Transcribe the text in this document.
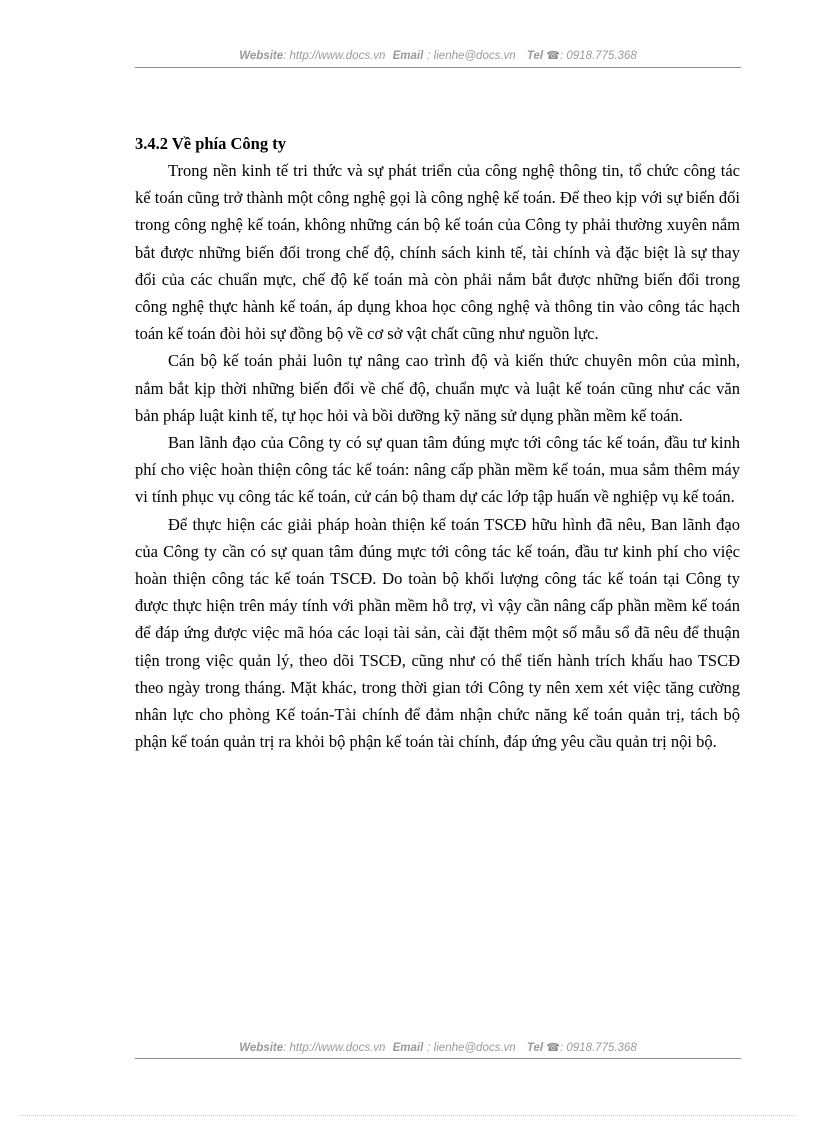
Website: http://www.docs.vn Email : lienhe@docs.vn Tel ☎: 0918.775.368

3.4.2 Về phía Công ty

Trong nền kinh tế tri thức và sự phát triển của công nghệ thông tin, tổ chức công tác kế toán cũng trở thành một công nghệ gọi là công nghệ kế toán. Để theo kịp với sự biến đổi trong công nghệ kế toán, không những cán bộ kế toán của Công ty phải thường xuyên nắm bắt được những biến đổi trong chế độ, chính sách kinh tế, tài chính và đặc biệt là sự thay đổi của các chuẩn mực, chế độ kế toán mà còn phải nắm bắt được những biến đổi trong công nghệ thực hành kế toán, áp dụng khoa học công nghệ và thông tin vào công tác hạch toán kế toán đòi hỏi sự đồng bộ về cơ sở vật chất cũng như nguồn lực.

Cán bộ kế toán phải luôn tự nâng cao trình độ và kiến thức chuyên môn của mình, nắm bắt kịp thời những biến đổi về chế độ, chuẩn mực và luật kế toán cũng như các văn bản pháp luật kinh tế, tự học hỏi và bồi dưỡng kỹ năng sử dụng phần mềm kế toán.

Ban lãnh đạo của Công ty có sự quan tâm đúng mực tới công tác kế toán, đầu tư kinh phí cho việc hoàn thiện công tác kế toán: nâng cấp phần mềm kế toán, mua sắm thêm máy vi tính phục vụ công tác kế toán, cử cán bộ tham dự các lớp tập huấn về nghiệp vụ kế toán.

Để thực hiện các giải pháp hoàn thiện kế toán TSCĐ hữu hình đã nêu, Ban lãnh đạo của Công ty cần có sự quan tâm đúng mực tới công tác kế toán, đầu tư kinh phí cho việc hoàn thiện công tác kế toán TSCĐ. Do toàn bộ khối lượng công tác kế toán tại Công ty được thực hiện trên máy tính với phần mềm hỗ trợ, vì vậy cần nâng cấp phần mềm kế toán để đáp ứng được việc mã hóa các loại tài sản, cài đặt thêm một số mẫu sổ đã nêu để thuận tiện trong việc quản lý, theo dõi TSCĐ, cũng như có thể tiến hành trích khấu hao TSCĐ theo ngày trong tháng. Mặt khác, trong thời gian tới Công ty nên xem xét việc tăng cường nhân lực cho phòng Kế toán-Tài chính để đảm nhận chức năng kế toán quản trị, tách bộ phận kế toán quản trị ra khỏi bộ phận kế toán tài chính, đáp ứng yêu cầu quản trị nội bộ.

Website: http://www.docs.vn Email : lienhe@docs.vn Tel ☎: 0918.775.368
